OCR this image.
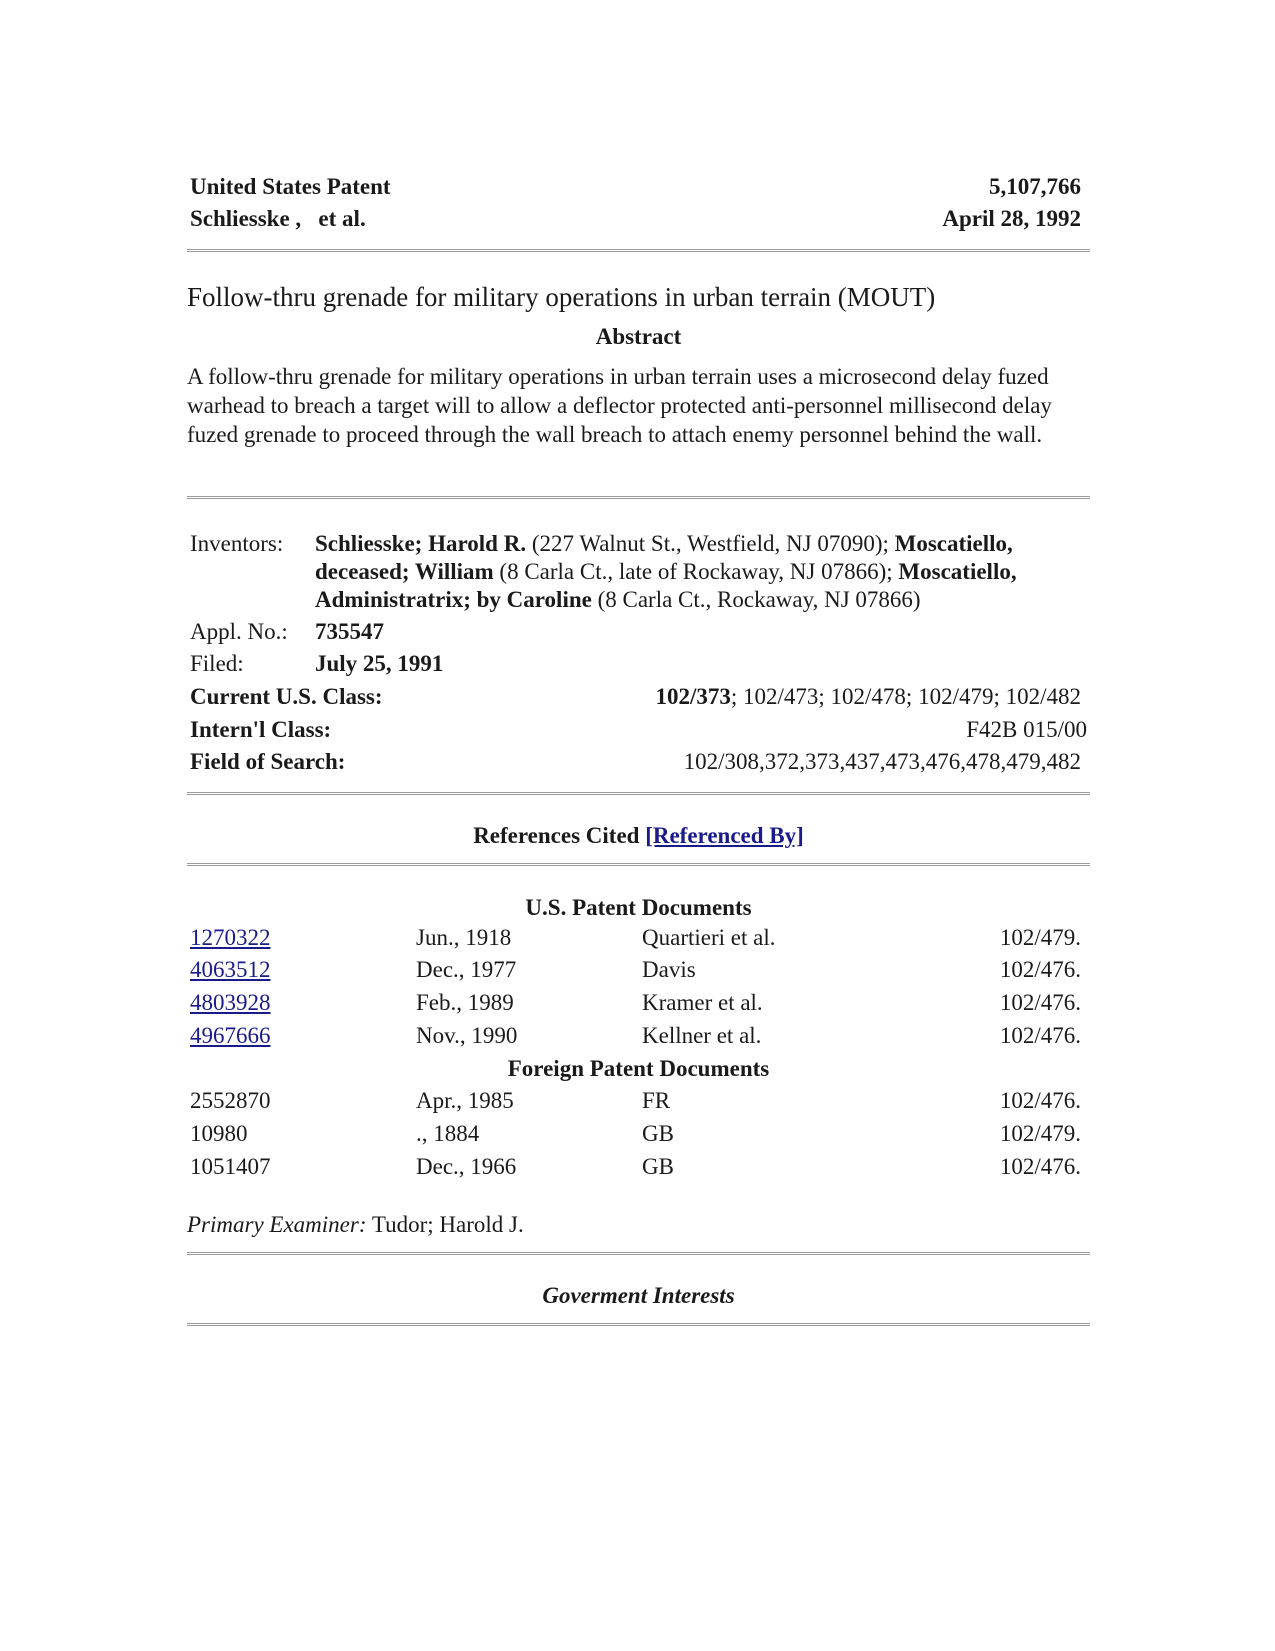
United States Patent	5,107,766
Schliesske ,   et al.	April 28, 1992
Follow-thru grenade for military operations in urban terrain (MOUT)
Abstract
A follow-thru grenade for military operations in urban terrain uses a microsecond delay fuzed warhead to breach a target will to allow a deflector protected anti-personnel millisecond delay fuzed grenade to proceed through the wall breach to attach enemy personnel behind the wall.
Inventors: Schliesske; Harold R. (227 Walnut St., Westfield, NJ 07090); Moscatiello, deceased; William (8 Carla Ct., late of Rockaway, NJ 07866); Moscatiello, Administratrix; by Caroline (8 Carla Ct., Rockaway, NJ 07866)
Appl. No.: 735547
Filed:	July 25, 1991
Current U.S. Class:	102/373; 102/473; 102/478; 102/479; 102/482
Intern'l Class:	F42B 015/00
Field of Search:	102/308,372,373,437,473,476,478,479,482
References Cited [Referenced By]
U.S. Patent Documents
1270322	Jun., 1918	Quartieri et al.	102/479.
4063512	Dec., 1977	Davis	102/476.
4803928	Feb., 1989	Kramer et al.	102/476.
4967666	Nov., 1990	Kellner et al.	102/476.
Foreign Patent Documents
2552870	Apr., 1985	FR	102/476.
10980	., 1884	GB	102/479.
1051407	Dec., 1966	GB	102/476.
Primary Examiner: Tudor; Harold J.
Goverment Interests
